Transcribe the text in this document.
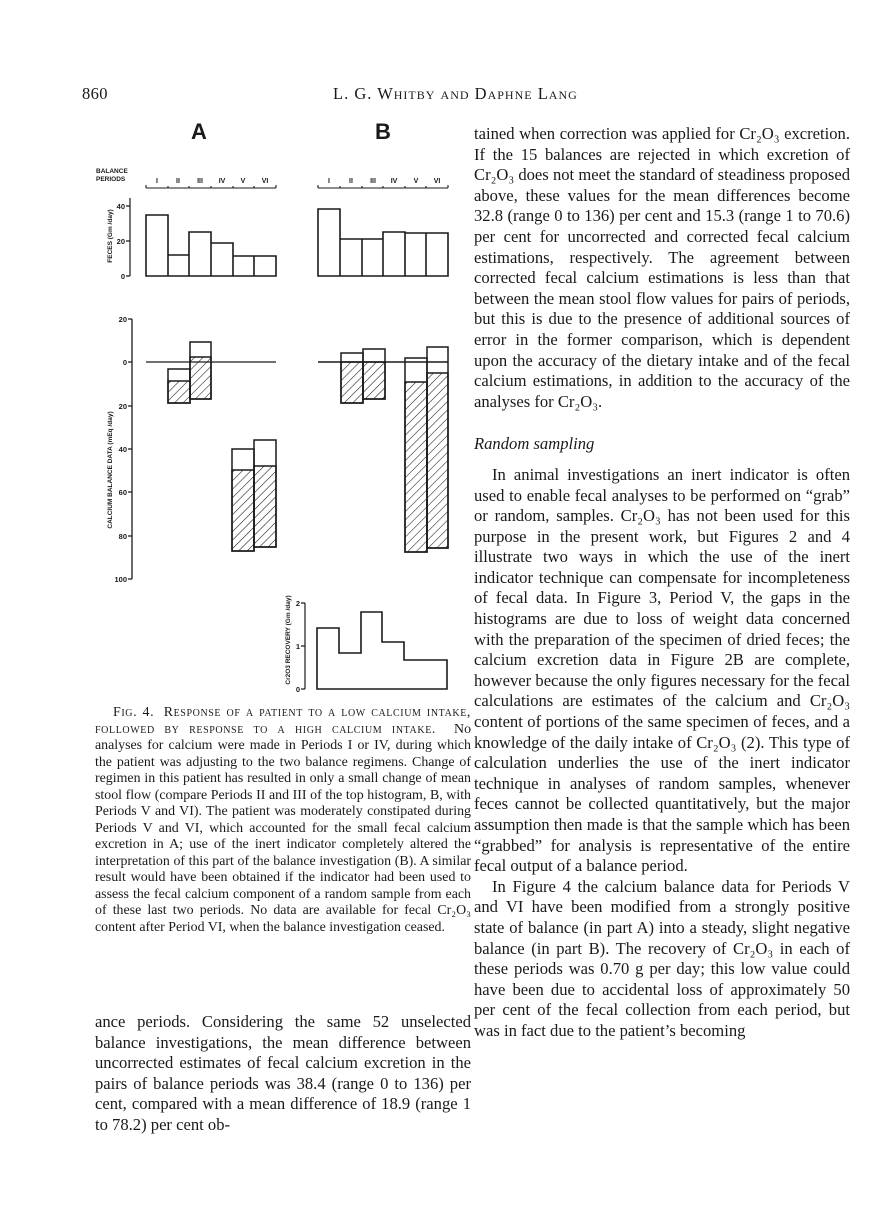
860	L. G. Whitby and Daphne Lang
A	B
BALANCE
PERIODS	I	II III IV V VI	I	II III IV V VI
FECES (Gm /day)
40
20
0
CALCIUM BALANCE DATA (mEq /day)
20
0
20
40
60
80
100
Cr2O3 RECOVERY (Gm /day) 2
1
0
Fig. 4. Response of a patient to a low calcium intake, followed by response to a high calcium intake. No analyses for calcium were made in Periods I or IV, during which the patient was adjusting to the two balance regimens. Change of regimen in this patient has resulted in only a small change of mean stool flow (compare Periods II and III of the top histogram, B, with Periods V and VI). The patient was moderately constipated during Periods V and VI, which accounted for the small fecal calcium excretion in A; use of the inert indicator completely altered the interpretation of this part of the balance investigation (B). A similar result would have been obtained if the indicator had been used to assess the fecal calcium component of a random sample from each of these last two periods. No data are available for fecal Cr₂O₃ content after Period VI, when the balance investigation ceased.

ance periods. Considering the same 52 unselected balance investigations, the mean difference between uncorrected estimates of fecal calcium excretion in the pairs of balance periods was 38.4 (range 0 to 136) per cent, compared with a mean difference of 18.9 (range 1 to 78.2) per cent ob-

tained when correction was applied for Cr₂O₃ excretion. If the 15 balances are rejected in which excretion of Cr₂O₃ does not meet the standard of steadiness proposed above, these values for the mean differences become 32.8 (range 0 to 136) per cent and 15.3 (range 1 to 70.6) per cent for uncorrected and corrected fecal calcium estimations, respectively. The agreement between corrected fecal calcium estimations is less than that between the mean stool flow values for pairs of periods, but this is due to the presence of additional sources of error in the former comparison, which is dependent upon the accuracy of the dietary intake and of the fecal calcium estimations, in addition to the accuracy of the analyses for Cr₂O₃.

Random sampling

In animal investigations an inert indicator is often used to enable fecal analyses to be performed on “grab” or random, samples. Cr₂O₃ has not been used for this purpose in the present work, but Figures 2 and 4 illustrate two ways in which the use of the inert indicator technique can compensate for incompleteness of fecal data. In Figure 3, Period V, the gaps in the histograms are due to loss of weight data concerned with the preparation of the specimen of dried feces; the calcium excretion data in Figure 2B are complete, however because the only figures necessary for the fecal calculations are estimates of the calcium and Cr₂O₃ content of portions of the same specimen of feces, and a knowledge of the daily intake of Cr₂O₃ (2). This type of calculation underlies the use of the inert indicator technique in analyses of random samples, whenever feces cannot be collected quantitatively, but the major assumption then made is that the sample which has been “grabbed” for analysis is representative of the entire fecal output of a balance period.

In Figure 4 the calcium balance data for Periods V and VI have been modified from a strongly positive state of balance (in part A) into a steady, slight negative balance (in part B). The recovery of Cr₂O₃ in each of these periods was 0.70 g per day; this low value could have been due to accidental loss of approximately 50 per cent of the fecal collection from each period, but was in fact due to the patient’s becoming
